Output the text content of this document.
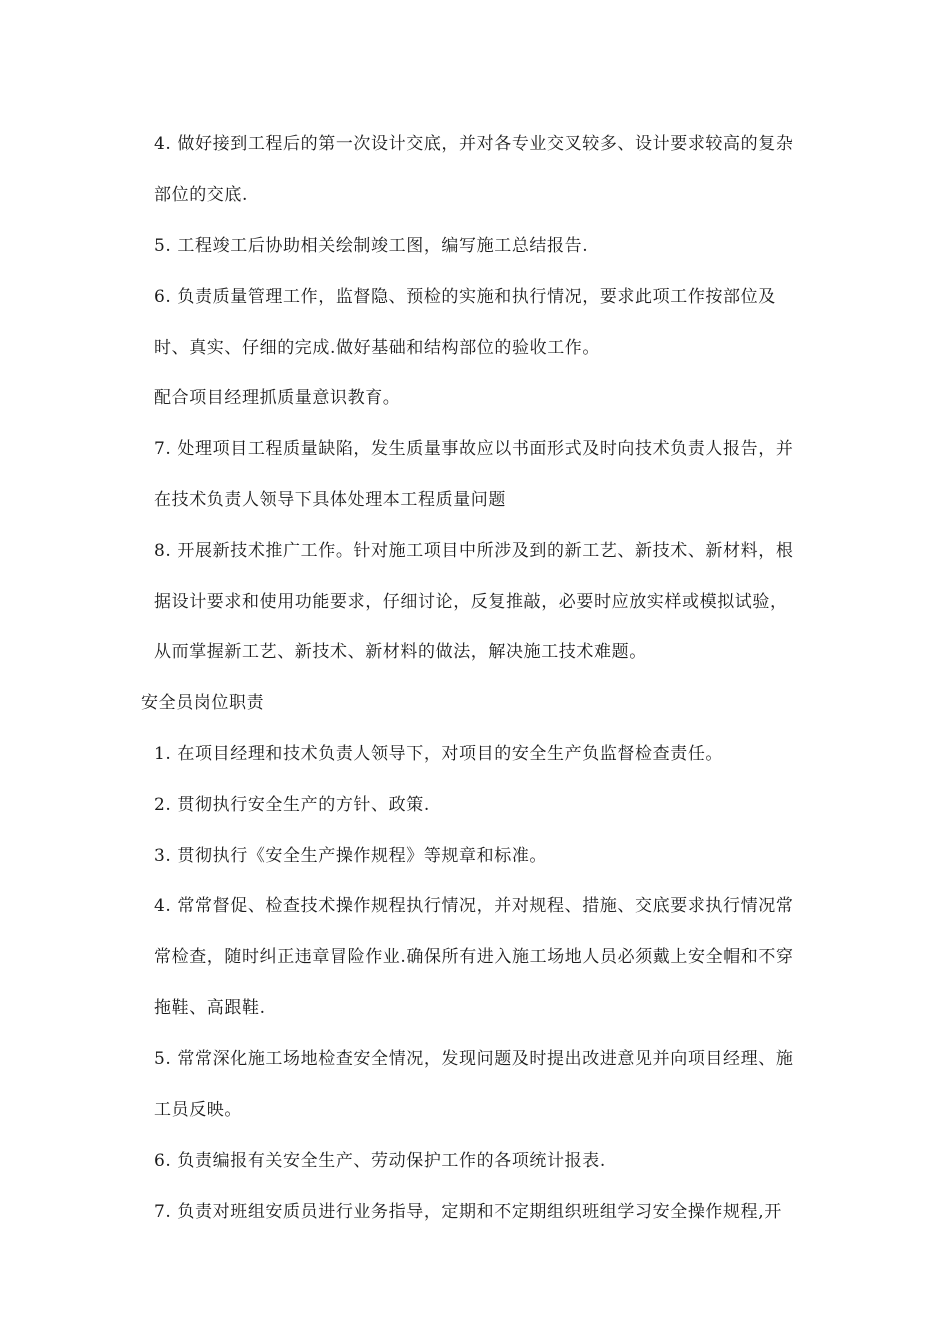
4. 做好接到工程后的第一次设计交底，并对各专业交叉较多、设计要求较高的复杂
部位的交底.
5. 工程竣工后协助相关绘制竣工图，编写施工总结报告.
6. 负责质量管理工作，监督隐、预检的实施和执行情况，要求此项工作按部位及
时、真实、仔细的完成.做好基础和结构部位的验收工作。
配合项目经理抓质量意识教育。
7. 处理项目工程质量缺陷，发生质量事故应以书面形式及时向技术负责人报告，并
在技术负责人领导下具体处理本工程质量问题
8. 开展新技术推广工作。针对施工项目中所涉及到的新工艺、新技术、新材料，根
据设计要求和使用功能要求，仔细讨论，反复推敲，必要时应放实样或模拟试验，
从而掌握新工艺、新技术、新材料的做法，解决施工技术难题。
安全员岗位职责
1. 在项目经理和技术负责人领导下，对项目的安全生产负监督检查责任。
2. 贯彻执行安全生产的方针、政策.
3. 贯彻执行《安全生产操作规程》等规章和标准。
4. 常常督促、检查技术操作规程执行情况，并对规程、措施、交底要求执行情况常
常检查，随时纠正违章冒险作业.确保所有进入施工场地人员必须戴上安全帽和不穿
拖鞋、高跟鞋.
5. 常常深化施工场地检查安全情况，发现问题及时提出改进意见并向项目经理、施
工员反映。
6. 负责编报有关安全生产、劳动保护工作的各项统计报表.
7. 负责对班组安质员进行业务指导，定期和不定期组织班组学习安全操作规程,开
